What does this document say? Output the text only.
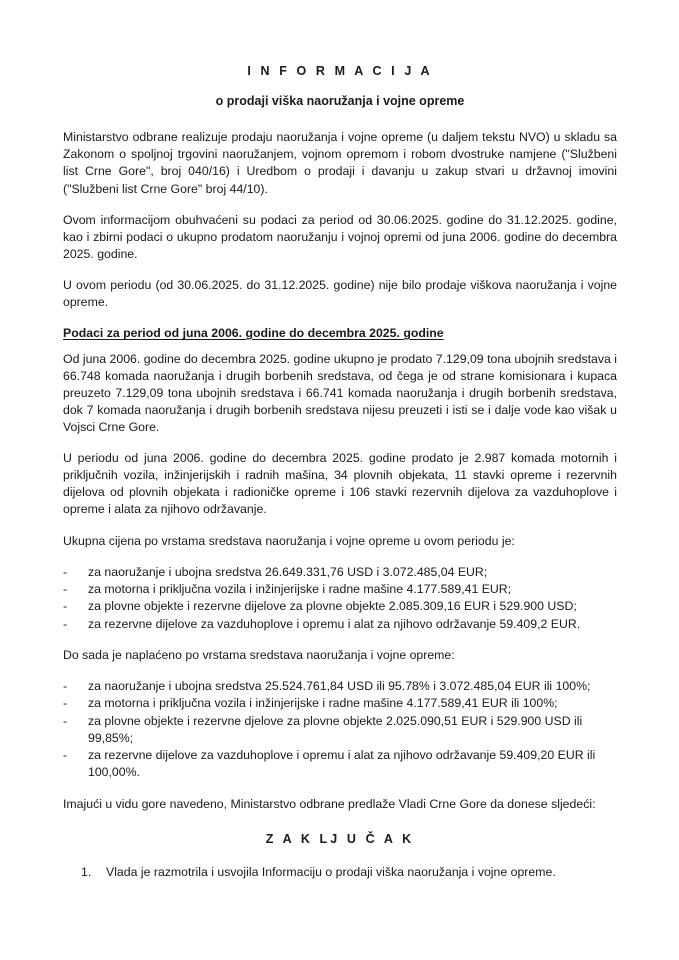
I N F O R M A C I J A
o prodaji viška naoružanja i vojne opreme

Ministarstvo odbrane realizuje prodaju naoružanja i vojne opreme (u daljem tekstu NVO) u skladu sa Zakonom o spoljnoj trgovini naoružanjem, vojnom opremom i robom dvostruke namjene ("Službeni list Crne Gore", broj 040/16) i Uredbom o prodaji i davanju u zakup stvari u državnoj imovini ("Službeni list Crne Gore" broj 44/10).

Ovom informacijom obuhvaćeni su podaci za period od 30.06.2025. godine do 31.12.2025. godine, kao i zbirni podaci o ukupno prodatom naoružanju i vojnoj opremi od juna 2006. godine do decembra 2025. godine.

U ovom periodu (od 30.06.2025. do 31.12.2025. godine) nije bilo prodaje viškova naoružanja i vojne opreme.

Podaci za period od juna 2006. godine do decembra 2025. godine

Od juna 2006. godine do decembra 2025. godine ukupno je prodato 7.129,09 tona ubojnih sredstava i 66.748 komada naoružanja i drugih borbenih sredstava, od čega je od strane komisionara i kupaca preuzeto 7.129,09 tona ubojnih sredstava i 66.741 komada naoružanja i drugih borbenih sredstava, dok 7 komada naoružanja i drugih borbenih sredstava nijesu preuzeti i isti se i dalje vode kao višak u Vojsci Crne Gore.

U periodu od juna 2006. godine do decembra 2025. godine prodato je 2.987 komada motornih i priključnih vozila, inžinjerijskih i radnih mašina, 34 plovnih objekata, 11 stavki opreme i rezervnih dijelova od plovnih objekata i radioničke opreme i 106 stavki rezervnih dijelova za vazduhoplove i opreme i alata za njihovo održavanje.

Ukupna cijena po vrstama sredstava naoružanja i vojne opreme u ovom periodu je:

-	za naoružanje i ubojna sredstva 26.649.331,76 USD i 3.072.485,04 EUR;
-	za motorna i priključna vozila i inžinjerijske i radne mašine 4.177.589,41 EUR;
-	za plovne objekte i rezervne dijelove za plovne objekte 2.085.309,16 EUR i 529.900 USD;
-	za rezervne dijelove za vazduhoplove i opremu i alat za njihovo održavanje 59.409,2 EUR.

Do sada je naplaćeno po vrstama sredstava naoružanja i vojne opreme:

-	za naoružanje i ubojna sredstva 25.524.761,84 USD ili 95.78% i 3.072.485,04 EUR ili 100%;
-	za motorna i priključna vozila i inžinjerijske i radne mašine 4.177.589,41 EUR ili 100%;
-	za plovne objekte i rezervne djelove za plovne objekte 2.025.090,51 EUR i 529.900 USD ili 99,85%;
-	za rezervne dijelove za vazduhoplove i opremu i alat za njihovo održavanje 59.409,20 EUR ili 100,00%.

Imajući u vidu gore navedeno, Ministarstvo odbrane predlaže Vladi Crne Gore da donese sljedeći:

Z A K LJ U Č A K
1.	Vlada je razmotrila i usvojila Informaciju o prodaji viška naoružanja i vojne opreme.
